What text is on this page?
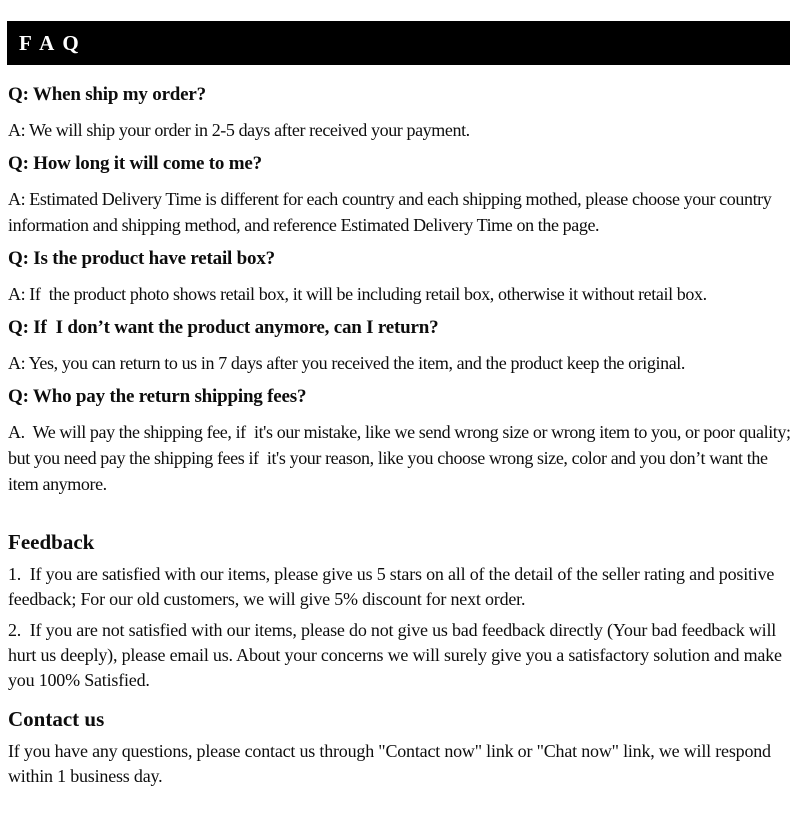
F A Q
Q: When ship my order?
A: We will ship your order in 2-5 days after received your payment.
Q: How long it will come to me?
A: Estimated Delivery Time is different for each country and each shipping mothed, please choose your country information and shipping method, and reference Estimated Delivery Time on the page.
Q: Is the product have retail box?
A: If  the product photo shows retail box, it will be including retail box, otherwise it without retail box.
Q: If  I don’t want the product anymore, can I return?
A: Yes, you can return to us in 7 days after you received the item, and the product keep the original.
Q: Who pay the return shipping fees?
A.  We will pay the shipping fee, if  it's our mistake, like we send wrong size or wrong item to you, or poor quality; but you need pay the shipping fees if  it's your reason, like you choose wrong size, color and you don’t want the item anymore.
Feedback

1.  If you are satisfied with our items, please give us 5 stars on all of the detail of the seller rating and positive feedback; For our old customers, we will give 5% discount for next order.

2.  If you are not satisfied with our items, please do not give us bad feedback directly (Your bad feedback will hurt us deeply), please email us. About your concerns we will surely give you a satisfactory solution and make you 100% Satisfied.

Contact us

If you have any questions, please contact us through "Contact now" link or "Chat now" link, we will respond within 1 business day.
